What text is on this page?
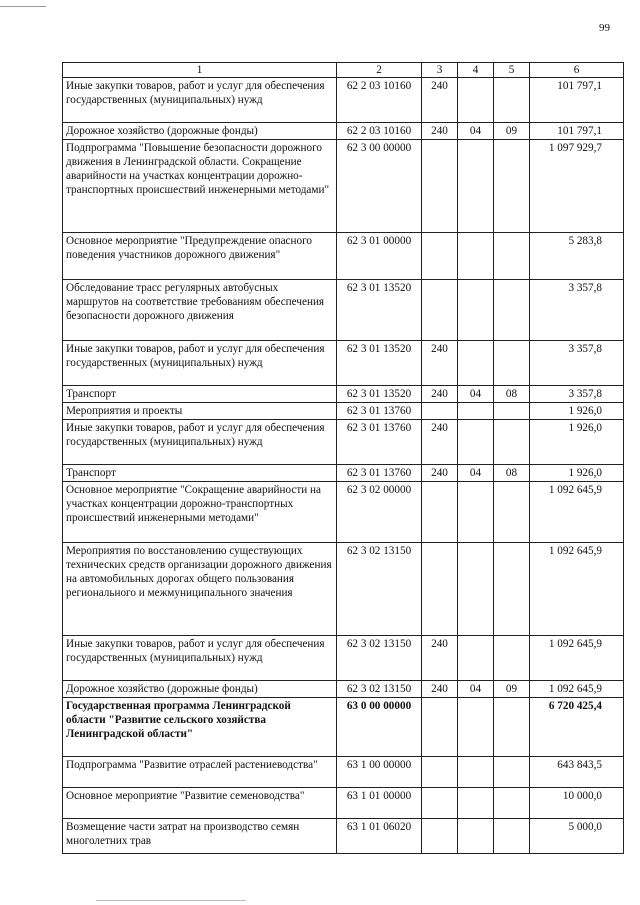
99
1	2	3	4	5	6
Иные закупки товаров, работ и услуг для обеспечения государственных (муниципальных) нужд	62 2 03 10160	240			101 797,1
Дорожное хозяйство (дорожные фонды)	62 2 03 10160	240	04	09	101 797,1
Подпрограмма "Повышение безопасности дорожного движения в Ленинградской области. Сокращение аварийности на участках концентрации дорожно-транспортных происшествий инженерными методами"	62 3 00 00000				1 097 929,7
Основное мероприятие "Предупреждение опасного поведения участников дорожного движения"	62 3 01 00000				5 283,8
Обследование трасс регулярных автобусных маршрутов на соответствие требованиям обеспечения безопасности дорожного движения	62 3 01 13520				3 357,8
Иные закупки товаров, работ и услуг для обеспечения государственных (муниципальных) нужд	62 3 01 13520	240			3 357,8
Транспорт	62 3 01 13520	240	04	08	3 357,8
Мероприятия и проекты	62 3 01 13760				1 926,0
Иные закупки товаров, работ и услуг для обеспечения государственных (муниципальных) нужд	62 3 01 13760	240			1 926,0
Транспорт	62 3 01 13760	240	04	08	1 926,0
Основное мероприятие "Сокращение аварийности на участках концентрации дорожно-транспортных происшествий инженерными методами"	62 3 02 00000				1 092 645,9
Мероприятия по восстановлению существующих технических средств организации дорожного движения на автомобильных дорогах общего пользования регионального и межмуниципального значения	62 3 02 13150				1 092 645,9
Иные закупки товаров, работ и услуг для обеспечения государственных (муниципальных) нужд	62 3 02 13150	240			1 092 645,9
Дорожное хозяйство (дорожные фонды)	62 3 02 13150	240	04	09	1 092 645,9
Государственная программа Ленинградской области "Развитие сельского хозяйства Ленинградской области"	63 0 00 00000				6 720 425,4
Подпрограмма "Развитие отраслей растениеводства"	63 1 00 00000				643 843,5
Основное мероприятие "Развитие семеноводства"	63 1 01 00000				10 000,0
Возмещение части затрат на производство семян многолетних трав	63 1 01 06020				5 000,0
